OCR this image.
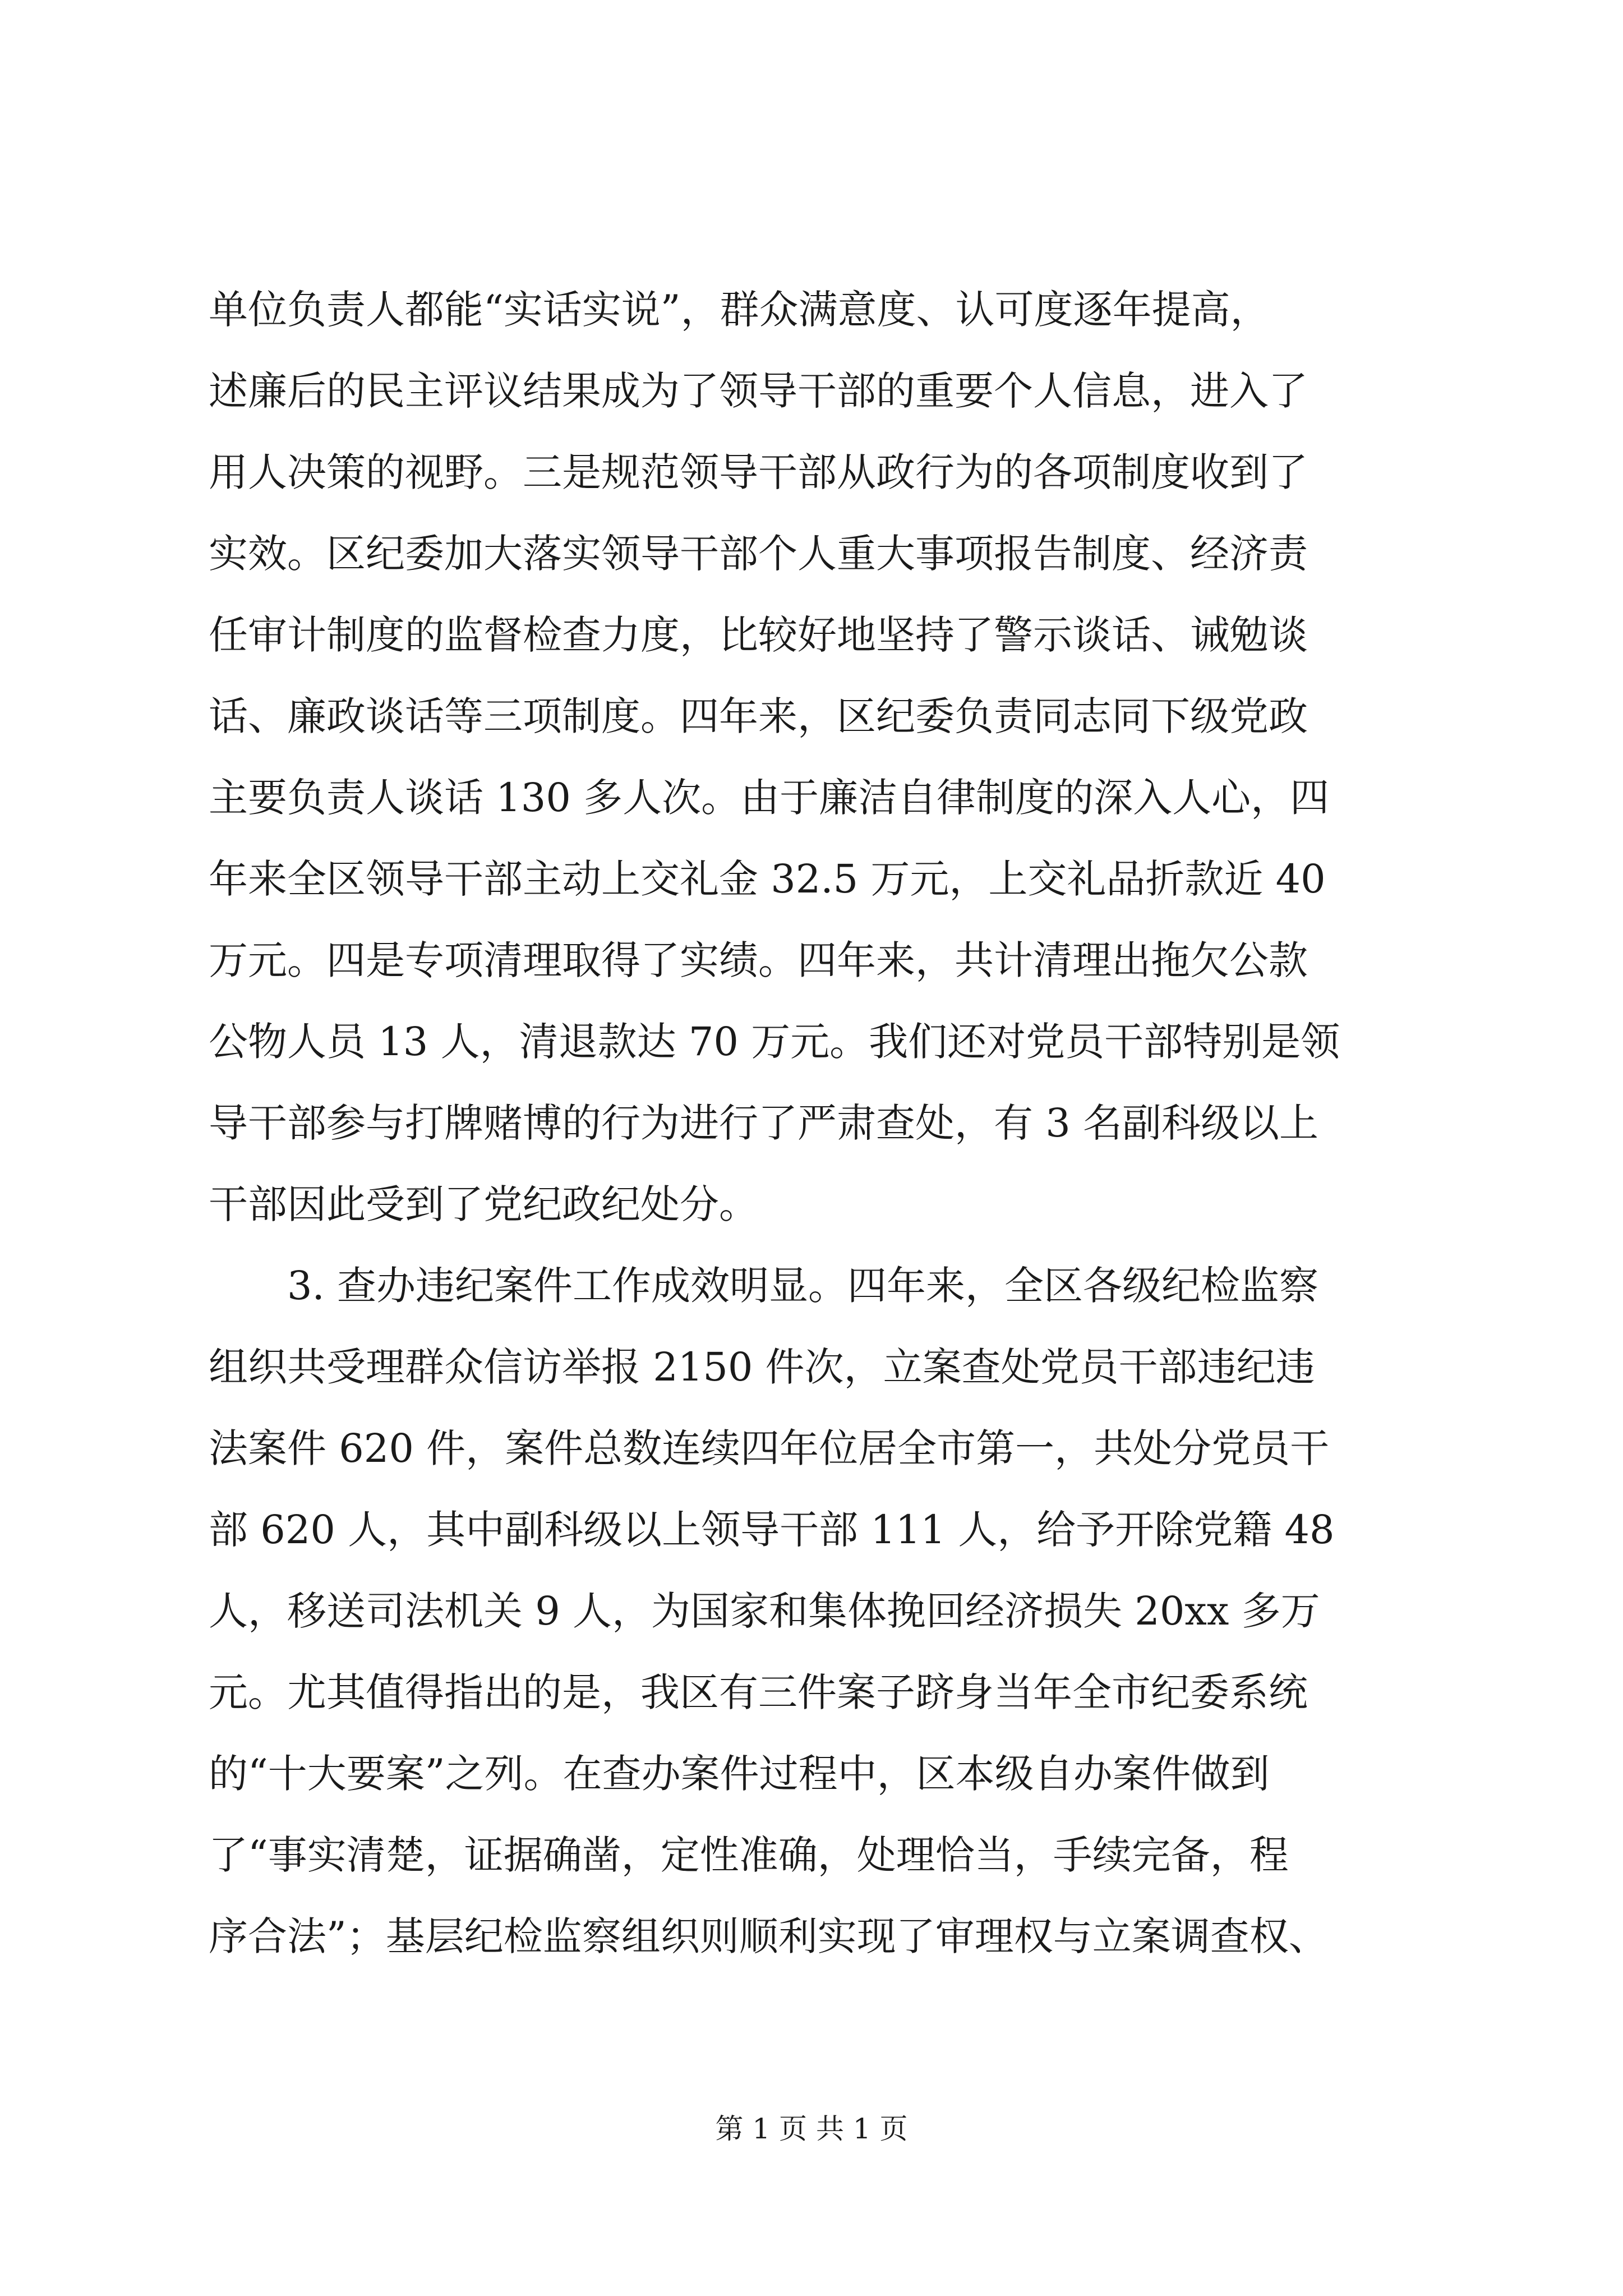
单位负责人都能“实话实说”，群众满意度、认可度逐年提高，
述廉后的民主评议结果成为了领导干部的重要个人信息，进入了
用人决策的视野。三是规范领导干部从政行为的各项制度收到了
实效。区纪委加大落实领导干部个人重大事项报告制度、经济责
任审计制度的监督检查力度，比较好地坚持了警示谈话、诫勉谈
话、廉政谈话等三项制度。四年来，区纪委负责同志同下级党政
主要负责人谈话 130 多人次。由于廉洁自律制度的深入人心，四
年来全区领导干部主动上交礼金 32.5 万元，上交礼品折款近 40
万元。四是专项清理取得了实绩。四年来，共计清理出拖欠公款
公物人员 13 人，清退款达 70 万元。我们还对党员干部特别是领
导干部参与打牌赌博的行为进行了严肃查处，有 3 名副科级以上
干部因此受到了党纪政纪处分。
3. 查办违纪案件工作成效明显。四年来，全区各级纪检监察
组织共受理群众信访举报 2150 件次，立案查处党员干部违纪违
法案件 620 件，案件总数连续四年位居全市第一，共处分党员干
部 620 人，其中副科级以上领导干部 111 人，给予开除党籍 48
人，移送司法机关 9 人，为国家和集体挽回经济损失 20xx 多万
元。尤其值得指出的是，我区有三件案子跻身当年全市纪委系统
的“十大要案”之列。在查办案件过程中，区本级自办案件做到
了“事实清楚，证据确凿，定性准确，处理恰当，手续完备，程
序合法”；基层纪检监察组织则顺利实现了审理权与立案调查权、
第 1 页 共 1 页
